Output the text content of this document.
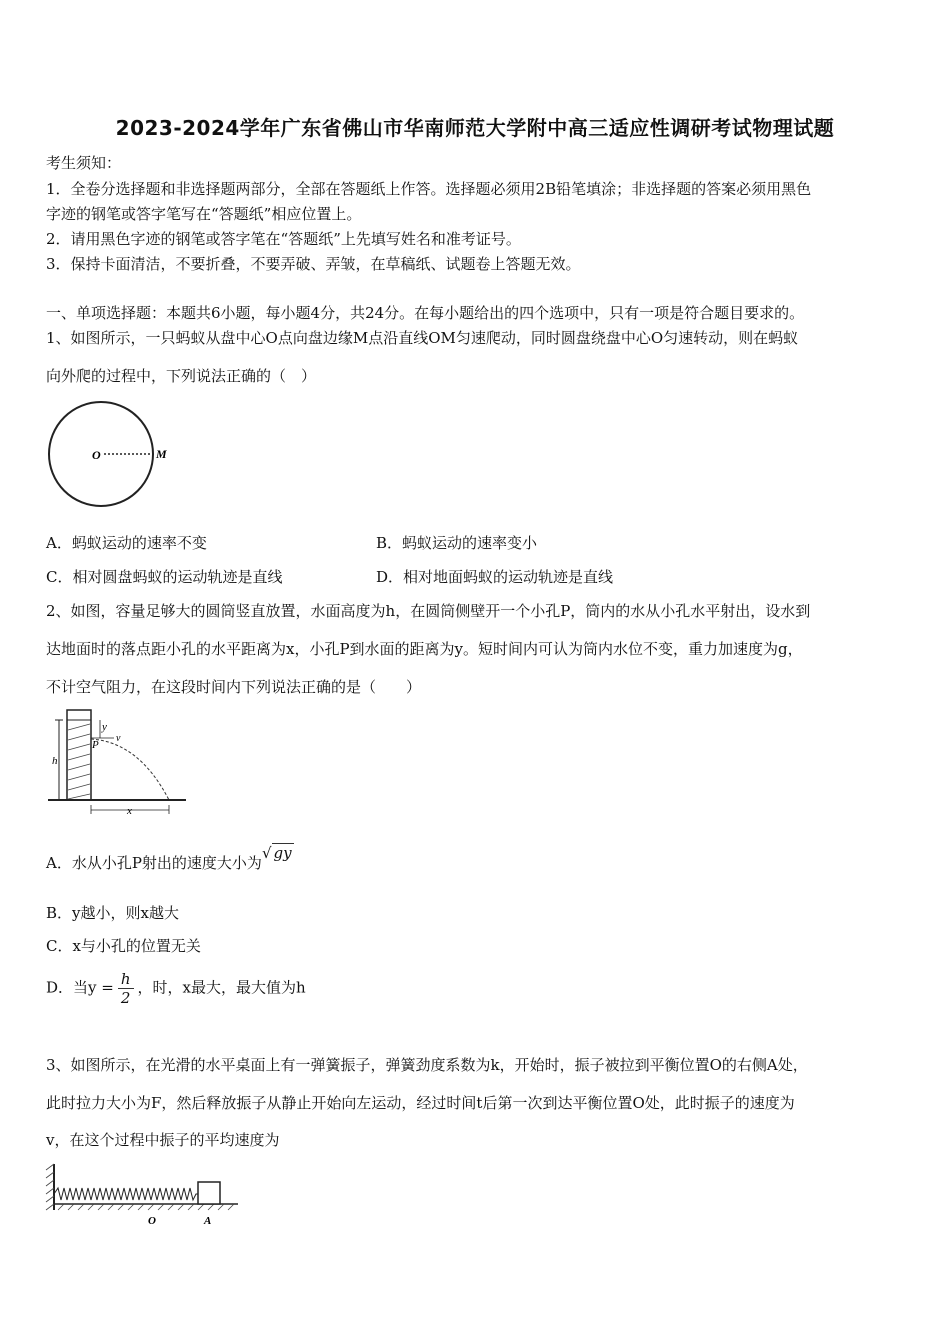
2023-2024学年广东省佛山市华南师范大学附中高三适应性调研考试物理试题
考生须知：
1．全卷分选择题和非选择题两部分，全部在答题纸上作答。选择题必须用2B铅笔填涂；非选择题的答案必须用黑色
字迹的钢笔或答字笔写在“答题纸”相应位置上。
2．请用黑色字迹的钢笔或答字笔在“答题纸”上先填写姓名和准考证号。
3．保持卡面清洁，不要折叠，不要弄破、弄皱，在草稿纸、试题卷上答题无效。
一、单项选择题：本题共6小题，每小题4分，共24分。在每小题给出的四个选项中，只有一项是符合题目要求的。
1、如图所示，一只蚂蚁从盘中心O点向盘边缘M点沿直线OM匀速爬动，同时圆盘绕盘中心O匀速转动，则在蚂蚁
向外爬的过程中，下列说法正确的（　）
O	M
A．蚂蚁运动的速率不变	B．蚂蚁运动的速率变小
C．相对圆盘蚂蚁的运动轨迹是直线	D．相对地面蚂蚁的运动轨迹是直线
2、如图，容量足够大的圆筒竖直放置，水面高度为h，在圆筒侧壁开一个小孔P，筒内的水从小孔水平射出，设水到
达地面时的落点距小孔的水平距离为x，小孔P到水面的距离为y。短时间内可认为筒内水位不变，重力加速度为g，
不计空气阻力，在这段时间内下列说法正确的是（　　）
h
y
P
v
x
A．水从小孔P射出的速度大小为√ gy
B．y越小，则x越大
C．x与小孔的位置无关
D．当$y = \frac{h}{2}$ ，时，x最大，最大值为h
3、如图所示，在光滑的水平桌面上有一弹簧振子，弹簧劲度系数为k，开始时，振子被拉到平衡位置O的右侧A处，
此时拉力大小为F，然后释放振子从静止开始向左运动，经过时间t后第一次到达平衡位置O处，此时振子的速度为
v，在这个过程中振子的平均速度为
O	A
